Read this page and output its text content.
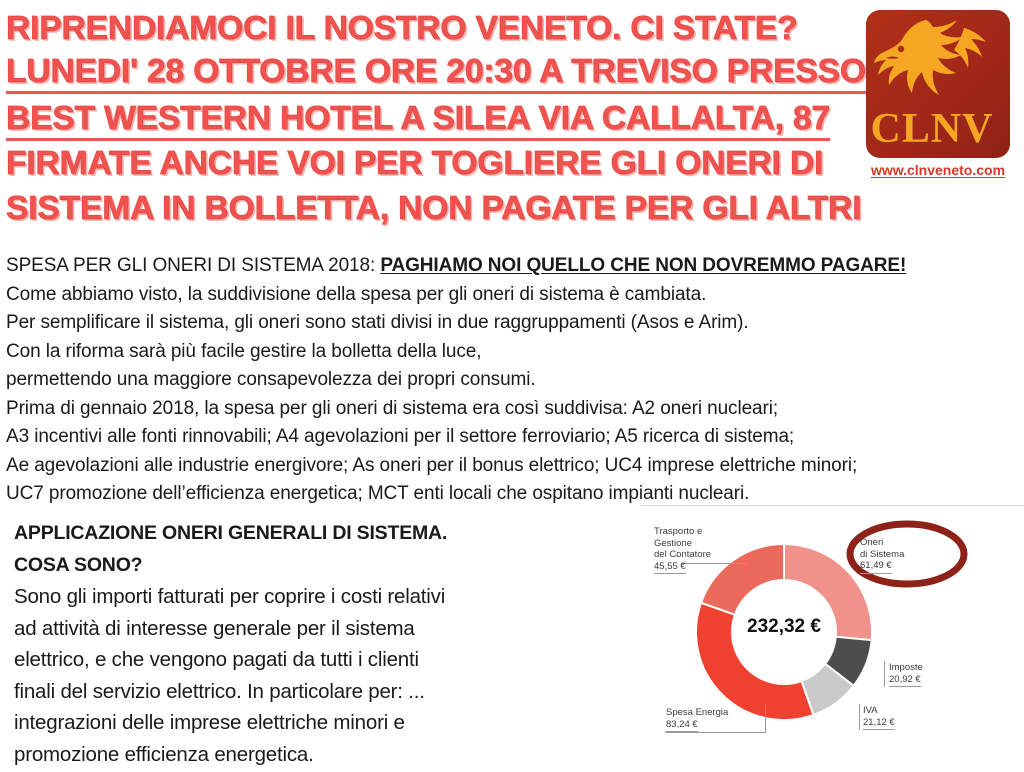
RIPRENDIAMOCI IL NOSTRO VENETO. CI STATE?
LUNEDI' 28 OTTOBRE ORE 20:30 A TREVISO PRESSO
BEST WESTERN HOTEL A SILEA VIA CALLALTA, 87
FIRMATE ANCHE VOI PER TOGLIERE GLI ONERI DI
SISTEMA IN BOLLETTA, NON PAGATE PER GLI ALTRI
CLNV
www.clnveneto.com
SPESA PER GLI ONERI DI SISTEMA 2018: PAGHIAMO NOI QUELLO CHE NON DOVREMMO PAGARE!
Come abbiamo visto, la suddivisione della spesa per gli oneri di sistema è cambiata.
Per semplificare il sistema, gli oneri sono stati divisi in due raggruppamenti (Asos e Arim).
Con la riforma sarà più facile gestire la bolletta della luce,
permettendo una maggiore consapevolezza dei propri consumi.
Prima di gennaio 2018, la spesa per gli oneri di sistema era così suddivisa: A2 oneri nucleari;
A3 incentivi alle fonti rinnovabili; A4 agevolazioni per il settore ferroviario; A5 ricerca di sistema;
Ae agevolazioni alle industrie energivore; As oneri per il bonus elettrico; UC4 imprese elettriche minori;
UC7 promozione dell’efficienza energetica; MCT enti locali che ospitano impianti nucleari.
APPLICAZIONE ONERI GENERALI DI SISTEMA.
COSA SONO?
Sono gli importi fatturati per coprire i costi relativi
ad attività di interesse generale per il sistema
elettrico, e che vengono pagati da tutti i clienti
finali del servizio elettrico. In particolare per: ...
integrazioni delle imprese elettriche minori e
promozione efficienza energetica.
Trasporto e
Gestione
del Contatore
45,55 €
Oneri
di Sistema
61,49 €
Imposte
20,92 €
IVA
21,12 €
Spesa Energia
83,24 €
232,32 €
